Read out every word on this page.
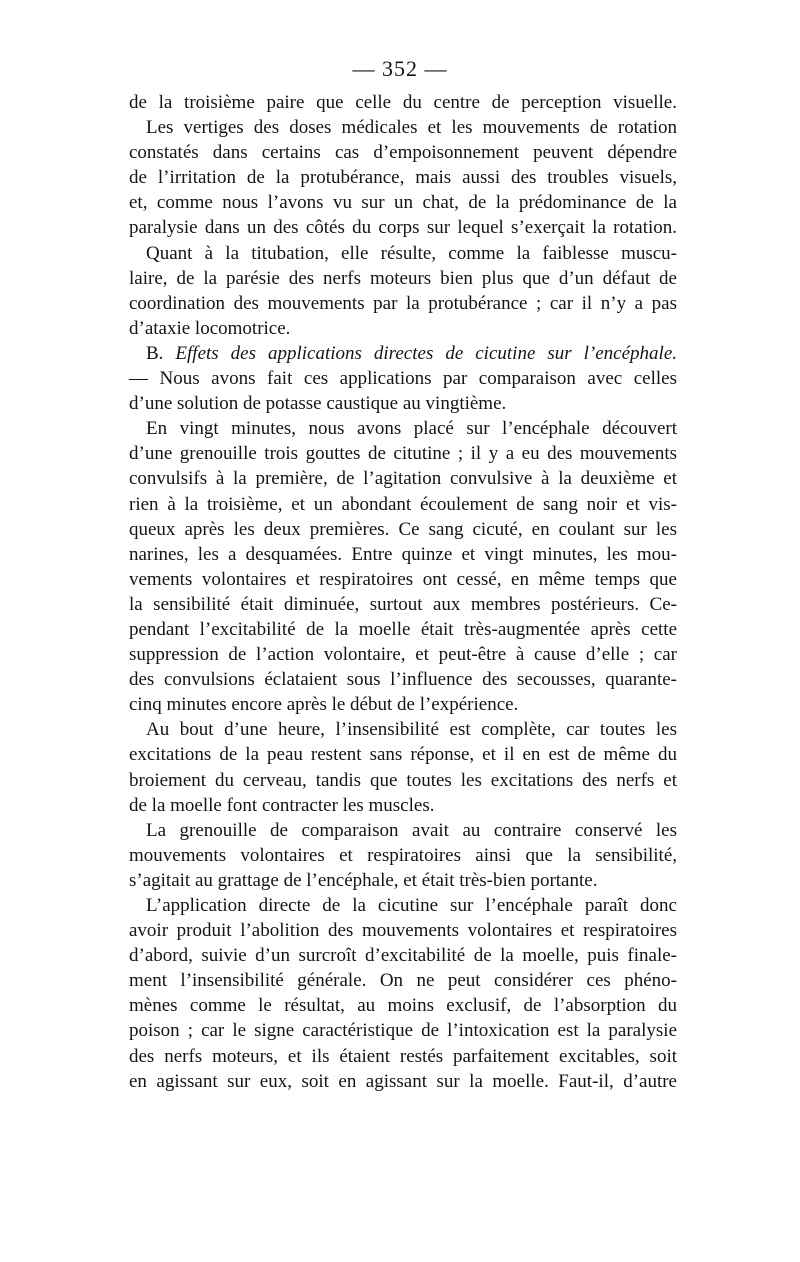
— 352 —
de la troisième paire que celle du centre de perception visuelle.
Les vertiges des doses médicales et les mouvements de rotation
constatés dans certains cas d’empoisonnement peuvent dépendre
de l’irritation de la protubérance, mais aussi des troubles visuels,
et, comme nous l’avons vu sur un chat, de la prédominance de la
paralysie dans un des côtés du corps sur lequel s’exerçait la rotation.
Quant à la titubation, elle résulte, comme la faiblesse muscu-
laire, de la parésie des nerfs moteurs bien plus que d’un défaut de
coordination des mouvements par la protubérance ; car il n’y a pas
d’ataxie locomotrice.
B. Effets des applications directes de cicutine sur l’encéphale.
— Nous avons fait ces applications par comparaison avec celles
d’une solution de potasse caustique au vingtième.
En vingt minutes, nous avons placé sur l’encéphale découvert
d’une grenouille trois gouttes de citutine ; il y a eu des mouvements
convulsifs à la première, de l’agitation convulsive à la deuxième et
rien à la troisième, et un abondant écoulement de sang noir et vis-
queux après les deux premières. Ce sang cicuté, en coulant sur les
narines, les a desquamées. Entre quinze et vingt minutes, les mou-
vements volontaires et respiratoires ont cessé, en même temps que
la sensibilité était diminuée, surtout aux membres postérieurs. Ce-
pendant l’excitabilité de la moelle était très-augmentée après cette
suppression de l’action volontaire, et peut-être à cause d’elle ; car
des convulsions éclataient sous l’influence des secousses, quarante-
cinq minutes encore après le début de l’expérience.
Au bout d’une heure, l’insensibilité est complète, car toutes les
excitations de la peau restent sans réponse, et il en est de même du
broiement du cerveau, tandis que toutes les excitations des nerfs et
de la moelle font contracter les muscles.
La grenouille de comparaison avait au contraire conservé les
mouvements volontaires et respiratoires ainsi que la sensibilité,
s’agitait au grattage de l’encéphale, et était très-bien portante.
L’application directe de la cicutine sur l’encéphale paraît donc
avoir produit l’abolition des mouvements volontaires et respiratoires
d’abord, suivie d’un surcroît d’excitabilité de la moelle, puis finale-
ment l’insensibilité générale. On ne peut considérer ces phéno-
mènes comme le résultat, au moins exclusif, de l’absorption du
poison ; car le signe caractéristique de l’intoxication est la paralysie
des nerfs moteurs, et ils étaient restés parfaitement excitables, soit
en agissant sur eux, soit en agissant sur la moelle. Faut-il, d’autre
